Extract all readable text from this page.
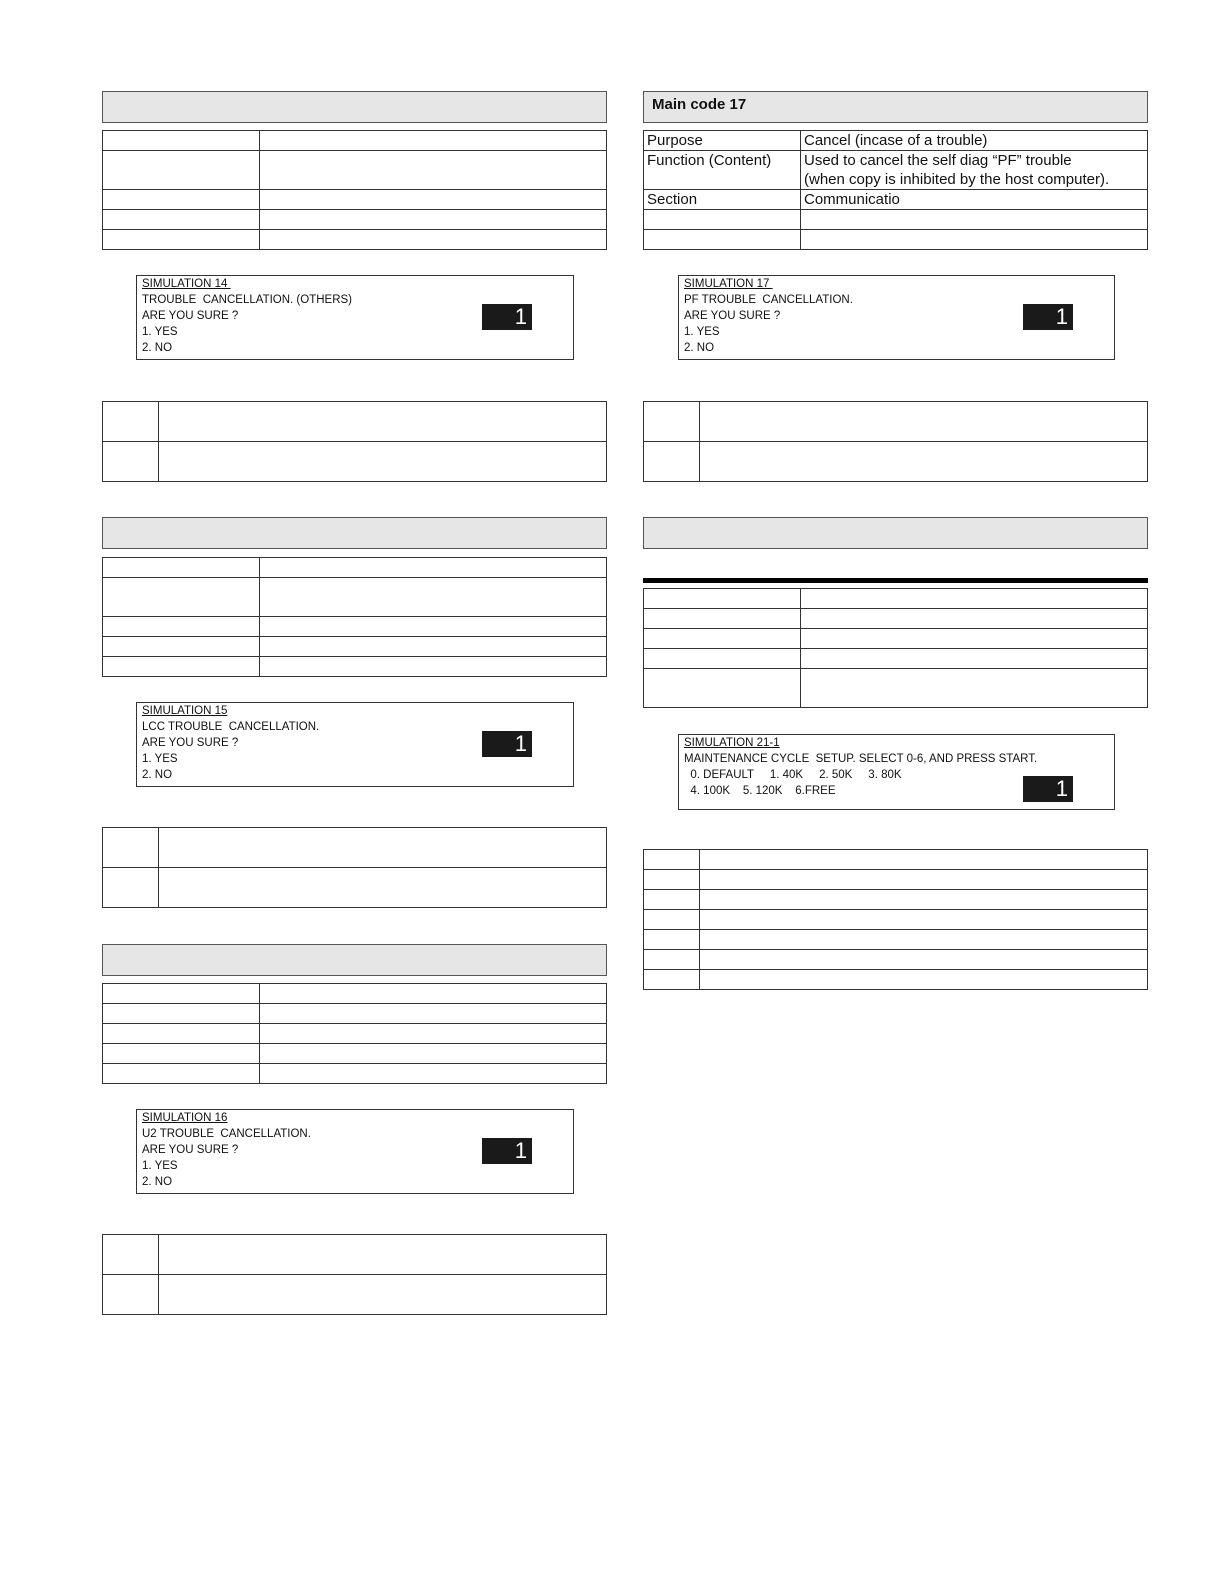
SIMULATION 14
TROUBLE  CANCELLATION. (OTHERS)
ARE YOU SURE ?
1. YES
2. NO
1

SIMULATION 15
LCC TROUBLE  CANCELLATION.
ARE YOU SURE ?
1. YES
2. NO
1

SIMULATION 16
U2 TROUBLE  CANCELLATION.
ARE YOU SURE ?
1. YES
2. NO
1

Main code 17
Purpose	Cancel (incase of a trouble)
Function (Content)	Used to cancel the self diag “PF” trouble
(when copy is inhibited by the host computer).

Section	Communicatio

SIMULATION 17
PF TROUBLE  CANCELLATION.
ARE YOU SURE ?
1. YES
2. NO
1

SIMULATION 21-1
MAINTENANCE CYCLE  SETUP. SELECT 0-6, AND PRESS START.
0. DEFAULT     1. 40K     2. 50K     3. 80K
4. 100K    5. 120K    6.FREE	1
